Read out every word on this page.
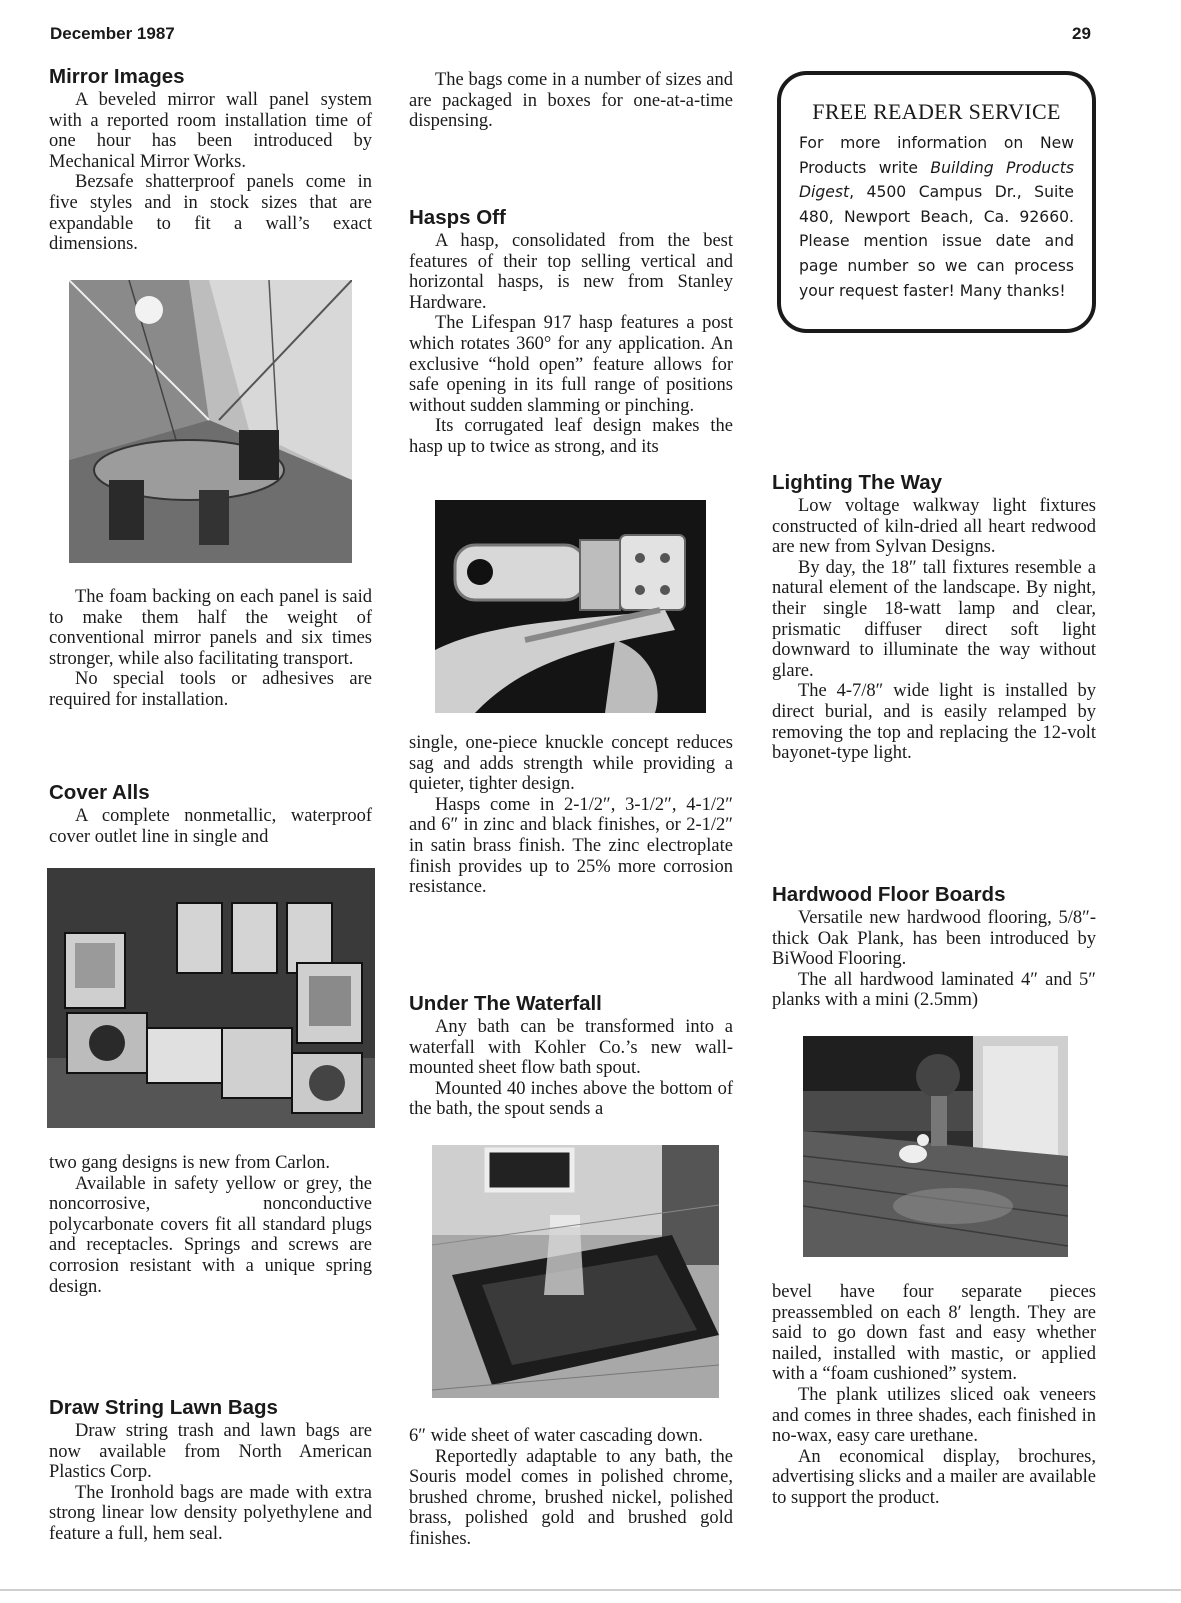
December 1987	29
Mirror Images

A beveled mirror wall panel system with a reported room installation time of one hour has been introduced by Mechanical Mirror Works.

Bezsafe shatterproof panels come in five styles and in stock sizes that are expandable to fit a wall’s exact dimensions.

The foam backing on each panel is said to make them half the weight of conventional mirror panels and six times stronger, while also facilitating transport.

No special tools or adhesives are required for installation.

Cover Alls

A complete nonmetallic, waterproof cover outlet line in single and

two gang designs is new from Carlon.

Available in safety yellow or grey, the noncorrosive, nonconductive polycarbonate covers fit all standard plugs and receptacles. Springs and screws are corrosion resistant with a unique spring design.

Draw String Lawn Bags

Draw string trash and lawn bags are now available from North American Plastics Corp.

The Ironhold bags are made with extra strong linear low density polyethylene and feature a full, hem seal.

The bags come in a number of sizes and are packaged in boxes for one-at-a-time dispensing.

Hasps Off

A hasp, consolidated from the best features of their top selling vertical and horizontal hasps, is new from Stanley Hardware.

The Lifespan 917 hasp features a post which rotates 360° for any application. An exclusive “hold open” feature allows for safe opening in its full range of positions without sudden slamming or pinching.

Its corrugated leaf design makes the hasp up to twice as strong, and its

single, one-piece knuckle concept reduces sag and adds strength while providing a quieter, tighter design.

Hasps come in 2-1/2″, 3-1/2″, 4-1/2″ and 6″ in zinc and black finishes, or 2-1/2″ in satin brass finish. The zinc electroplate finish provides up to 25% more corrosion resistance.

Under The Waterfall

Any bath can be transformed into a waterfall with Kohler Co.’s new wall-mounted sheet flow bath spout.

Mounted 40 inches above the bottom of the bath, the spout sends a

6″ wide sheet of water cascading down.

Reportedly adaptable to any bath, the Souris model comes in polished chrome, brushed chrome, brushed nickel, polished brass, polished gold and brushed gold finishes.

FREE READER SERVICE
For more information on New Products write Building Products Digest, 4500 Campus Dr., Suite 480, Newport Beach, Ca. 92660. Please mention issue date and page number so we can process your request faster! Many thanks!
Lighting The Way

Low voltage walkway light fixtures constructed of kiln-dried all heart redwood are new from Sylvan Designs.

By day, the 18″ tall fixtures resemble a natural element of the landscape. By night, their single 18-watt lamp and clear, prismatic diffuser direct soft light downward to illuminate the way without glare.

The 4-7/8″ wide light is installed by direct burial, and is easily relamped by removing the top and replacing the 12-volt bayonet-type light.

Hardwood Floor Boards

Versatile new hardwood flooring, 5/8″-thick Oak Plank, has been introduced by BiWood Flooring.

The all hardwood laminated 4″ and 5″ planks with a mini (2.5mm)

bevel have four separate pieces preassembled on each 8′ length. They are said to go down fast and easy whether nailed, installed with mastic, or applied with a “foam cushioned” system.

The plank utilizes sliced oak veneers and comes in three shades, each finished in no-wax, easy care urethane.

An economical display, brochures, advertising slicks and a mailer are available to support the product.
